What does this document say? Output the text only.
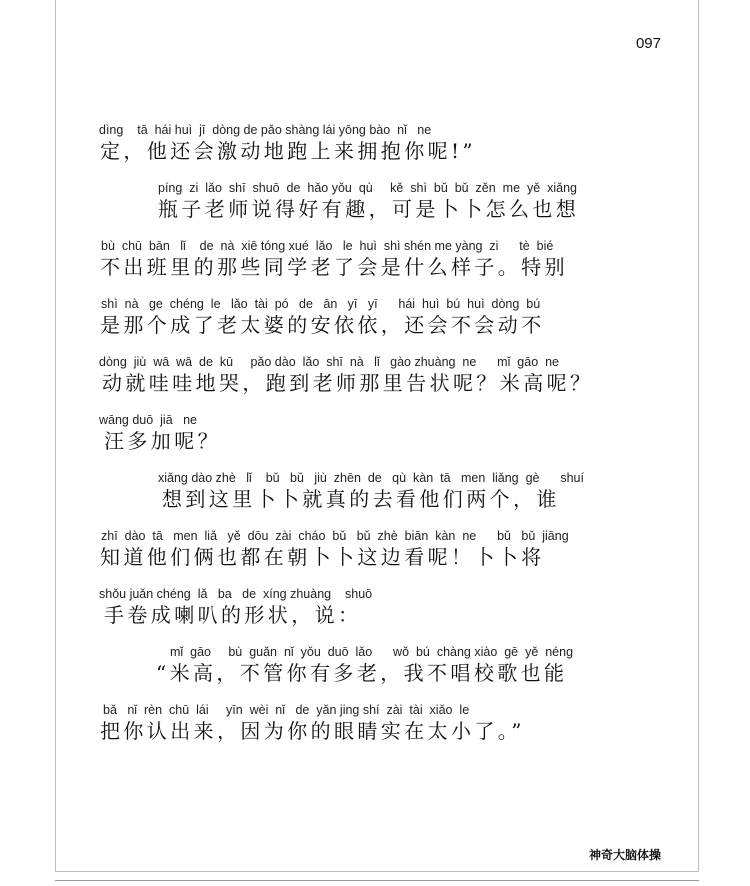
097
dìng    tā  hái huì  jī  dòng de pǎo shàng lái yōng bào  nǐ   ne
定，他还会激动地跑上来拥抱你呢!”
píng  zi  lǎo  shī  shuō  de  hǎo yǒu  qù     kě  shì  bǔ  bǔ  zěn  me  yě  xiǎng
瓶子老师说得好有趣，可是卜卜怎么也想
bù  chū  bān   lǐ    de  nà  xiē tóng xué  lǎo   le  huì  shì shén me yàng  zi      tè  bié
不出班里的那些同学老了会是什么样子。特别
shì  nà   ge  chéng  le   lǎo  tài  pó   de   ān   yī   yī      hái  huì  bú  huì  dòng  bú
是那个成了老太婆的安依依，还会不会动不
dòng  jiù  wā  wā  de  kū     pǎo dào  lǎo  shī  nà   lǐ   gào zhuàng  ne      mǐ  gāo  ne
动就哇哇地哭，跑到老师那里告状呢？米高呢？
wāng duō  jiā   ne
汪多加呢？
xiǎng dào zhè   lǐ    bǔ   bǔ   jiù  zhēn  de   qù  kàn  tā   men  liǎng  gè      shuí
想到这里卜卜就真的去看他们两个，谁
zhī  dào  tā   men  liǎ   yě  dōu  zài  cháo  bǔ   bǔ  zhè  biān  kàn  ne      bǔ   bǔ  jiāng
知道他们俩也都在朝卜卜这边看呢！卜卜将
shǒu juǎn chéng  lǎ   ba   de  xíng zhuàng    shuō
手卷成喇叭的形状，说：
mǐ  gāo     bù  guǎn  nǐ  yǒu  duō  lǎo      wǒ  bú  chàng xiào  gē  yě  néng
“米高，不管你有多老，我不唱校歌也能
bǎ   nǐ  rèn  chū  lái     yīn  wèi  nǐ   de  yǎn jing shí  zài  tài  xiǎo  le
把你认出来，因为你的眼睛实在太小了。”
神奇大脑体操
